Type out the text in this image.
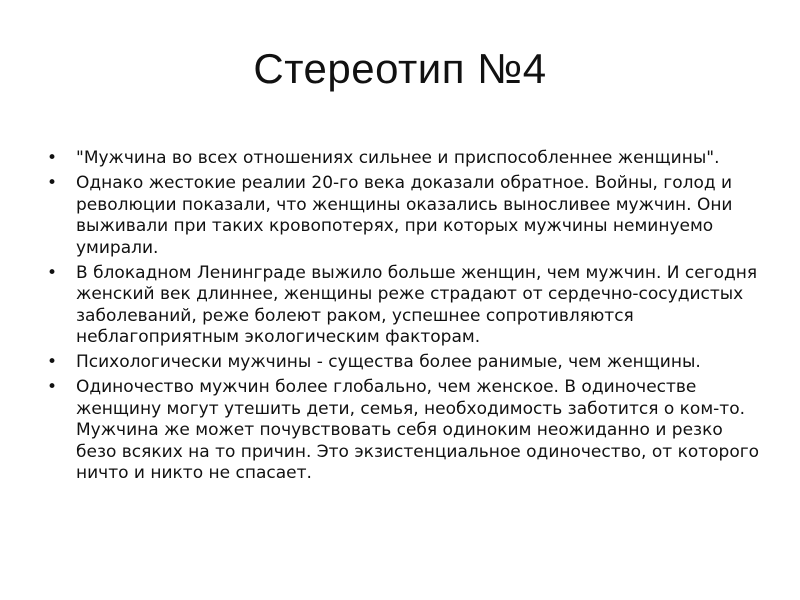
Стереотип №4
• "Мужчина во всех отношениях сильнее и приспособленнее женщины".
• Однако жестокие реалии 20-го века доказали обратное. Войны, голод и революции показали, что женщины оказались выносливее мужчин. Они выживали при таких кровопотерях, при которых мужчины неминуемо умирали.
• В блокадном Ленинграде выжило больше женщин, чем мужчин. И сегодня женский век длиннее, женщины реже страдают от сердечно-сосудистых заболеваний, реже болеют раком, успешнее сопротивляются неблагоприятным экологическим факторам.
• Психологически мужчины - существа более ранимые, чем женщины.
• Одиночество мужчин более глобально, чем женское. В одиночестве женщину могут утешить дети, семья, необходимость заботится о ком-то. Мужчина же может почувствовать себя одиноким неожиданно и резко безо всяких на то причин. Это экзистенциальное одиночество, от которого ничто и никто не спасает.
